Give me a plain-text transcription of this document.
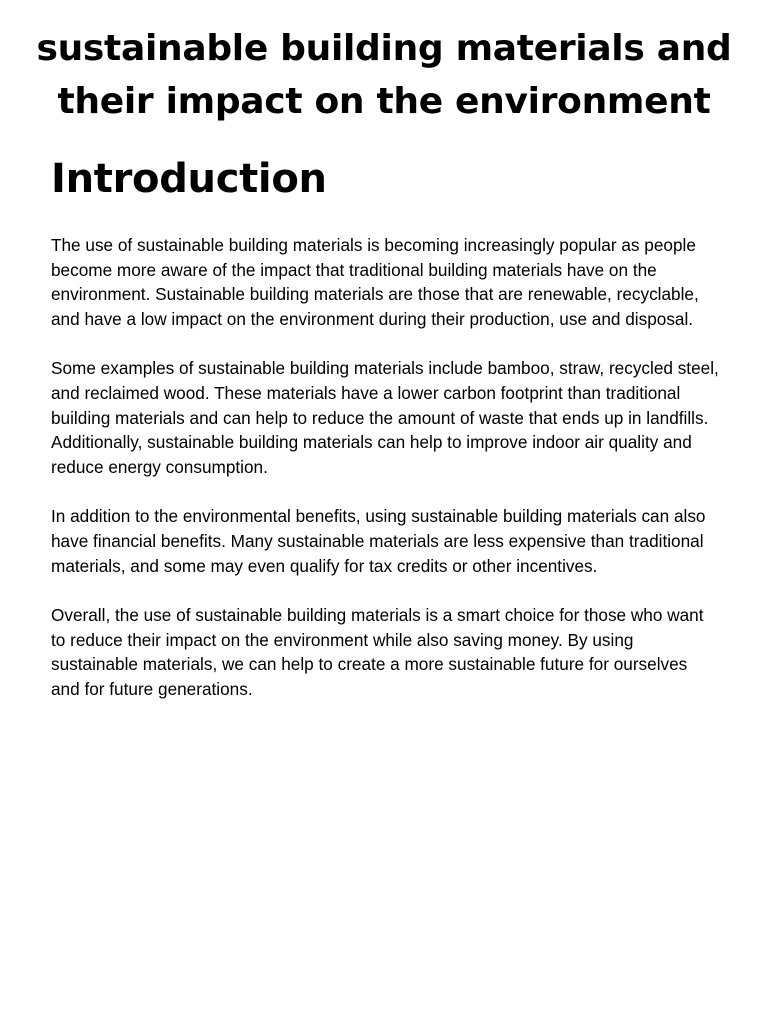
sustainable building materials and their impact on the environment
Introduction

The use of sustainable building materials is becoming increasingly popular as people become more aware of the impact that traditional building materials have on the environment. Sustainable building materials are those that are renewable, recyclable, and have a low impact on the environment during their production, use and disposal.

Some examples of sustainable building materials include bamboo, straw, recycled steel, and reclaimed wood. These materials have a lower carbon footprint than traditional building materials and can help to reduce the amount of waste that ends up in landfills. Additionally, sustainable building materials can help to improve indoor air quality and reduce energy consumption.

In addition to the environmental benefits, using sustainable building materials can also have financial benefits. Many sustainable materials are less expensive than traditional materials, and some may even qualify for tax credits or other incentives.

Overall, the use of sustainable building materials is a smart choice for those who want to reduce their impact on the environment while also saving money. By using sustainable materials, we can help to create a more sustainable future for ourselves and for future generations.
